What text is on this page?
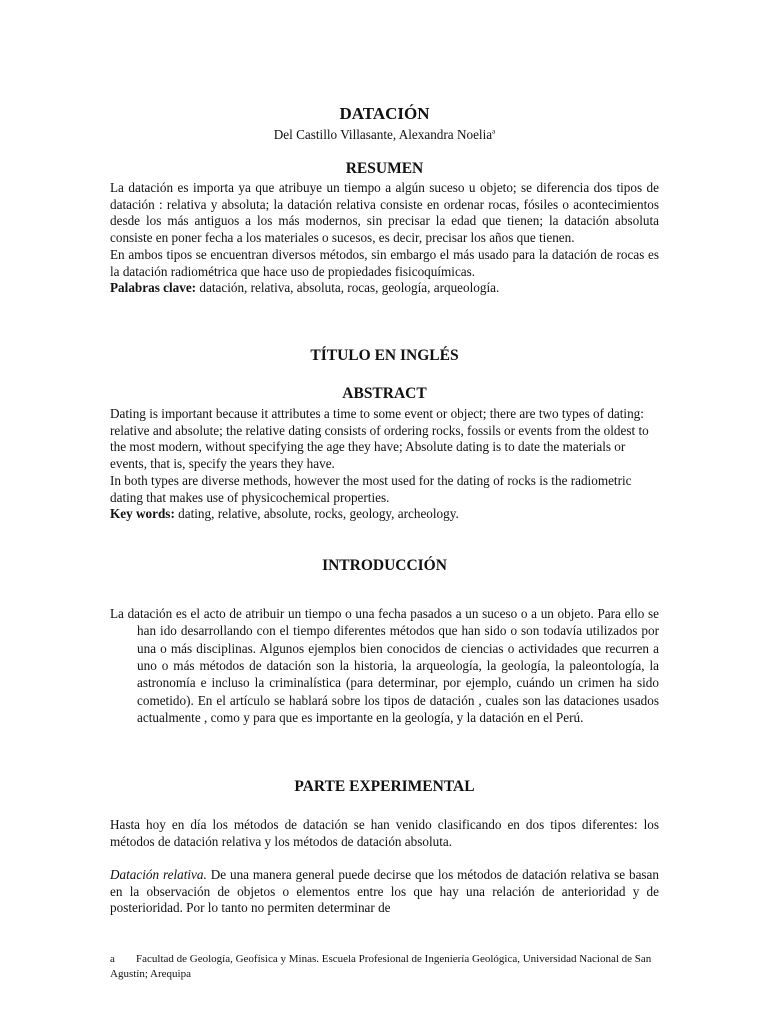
DATACIÓN
Del Castillo Villasante, Alexandra Noelia$^a$
RESUMEN

La datación es importa ya que atribuye un tiempo a algún suceso u objeto; se diferencia dos tipos de datación : relativa y absoluta; la datación relativa consiste en ordenar rocas, fósiles o acontecimientos desde los más antiguos a los más modernos, sin precisar la edad que tienen; la datación absoluta consiste en poner fecha a los materiales o sucesos, es decir, precisar los años que tienen.

En ambos tipos se encuentran diversos métodos, sin embargo el más usado para la datación de rocas es la datación radiométrica que hace uso de propiedades fisicoquímicas.

Palabras clave: datación, relativa, absoluta, rocas, geología, arqueología.

TÍTULO EN INGLÉS
ABSTRACT

Dating is important because it attributes a time to some event or object; there are two types of dating: relative and absolute; the relative dating consists of ordering rocks, fossils or events from the oldest to the most modern, without specifying the age they have; Absolute dating is to date the materials or events, that is, specify the years they have.

In both types are diverse methods, however the most used for the dating of rocks is the radiometric dating that makes use of physicochemical properties.

Key words: dating, relative, absolute, rocks, geology, archeology.

INTRODUCCIÓN

La datación es el acto de atribuir un tiempo o una fecha pasados a un suceso o a un objeto. Para ello se han ido desarrollando con el tiempo diferentes métodos que han sido o son todavía utilizados por una o más disciplinas. Algunos ejemplos bien conocidos de ciencias o actividades que recurren a uno o más métodos de datación son la historia, la arqueología, la geología, la paleontología, la astronomía e incluso la criminalística (para determinar, por ejemplo, cuándo un crimen ha sido cometido). En el artículo se hablará sobre los tipos de datación , cuales son las dataciones usados actualmente , como y para que es importante en la geología, y la datación en el Perú.

PARTE EXPERIMENTAL

Hasta hoy en día los métodos de datación se han venido clasificando en dos tipos diferentes: los métodos de datación relativa y los métodos de datación absoluta.

Datación relativa. De una manera general puede decirse que los métodos de datación relativa se basan en la observación de objetos o elementos entre los que hay una relación de anterioridad y de posterioridad. Por lo tanto no permiten determinar de

a Facultad de Geología, Geofísica y Minas. Escuela Profesional de Ingeniería Geológica, Universidad Nacional de San Agustín; Arequipa
